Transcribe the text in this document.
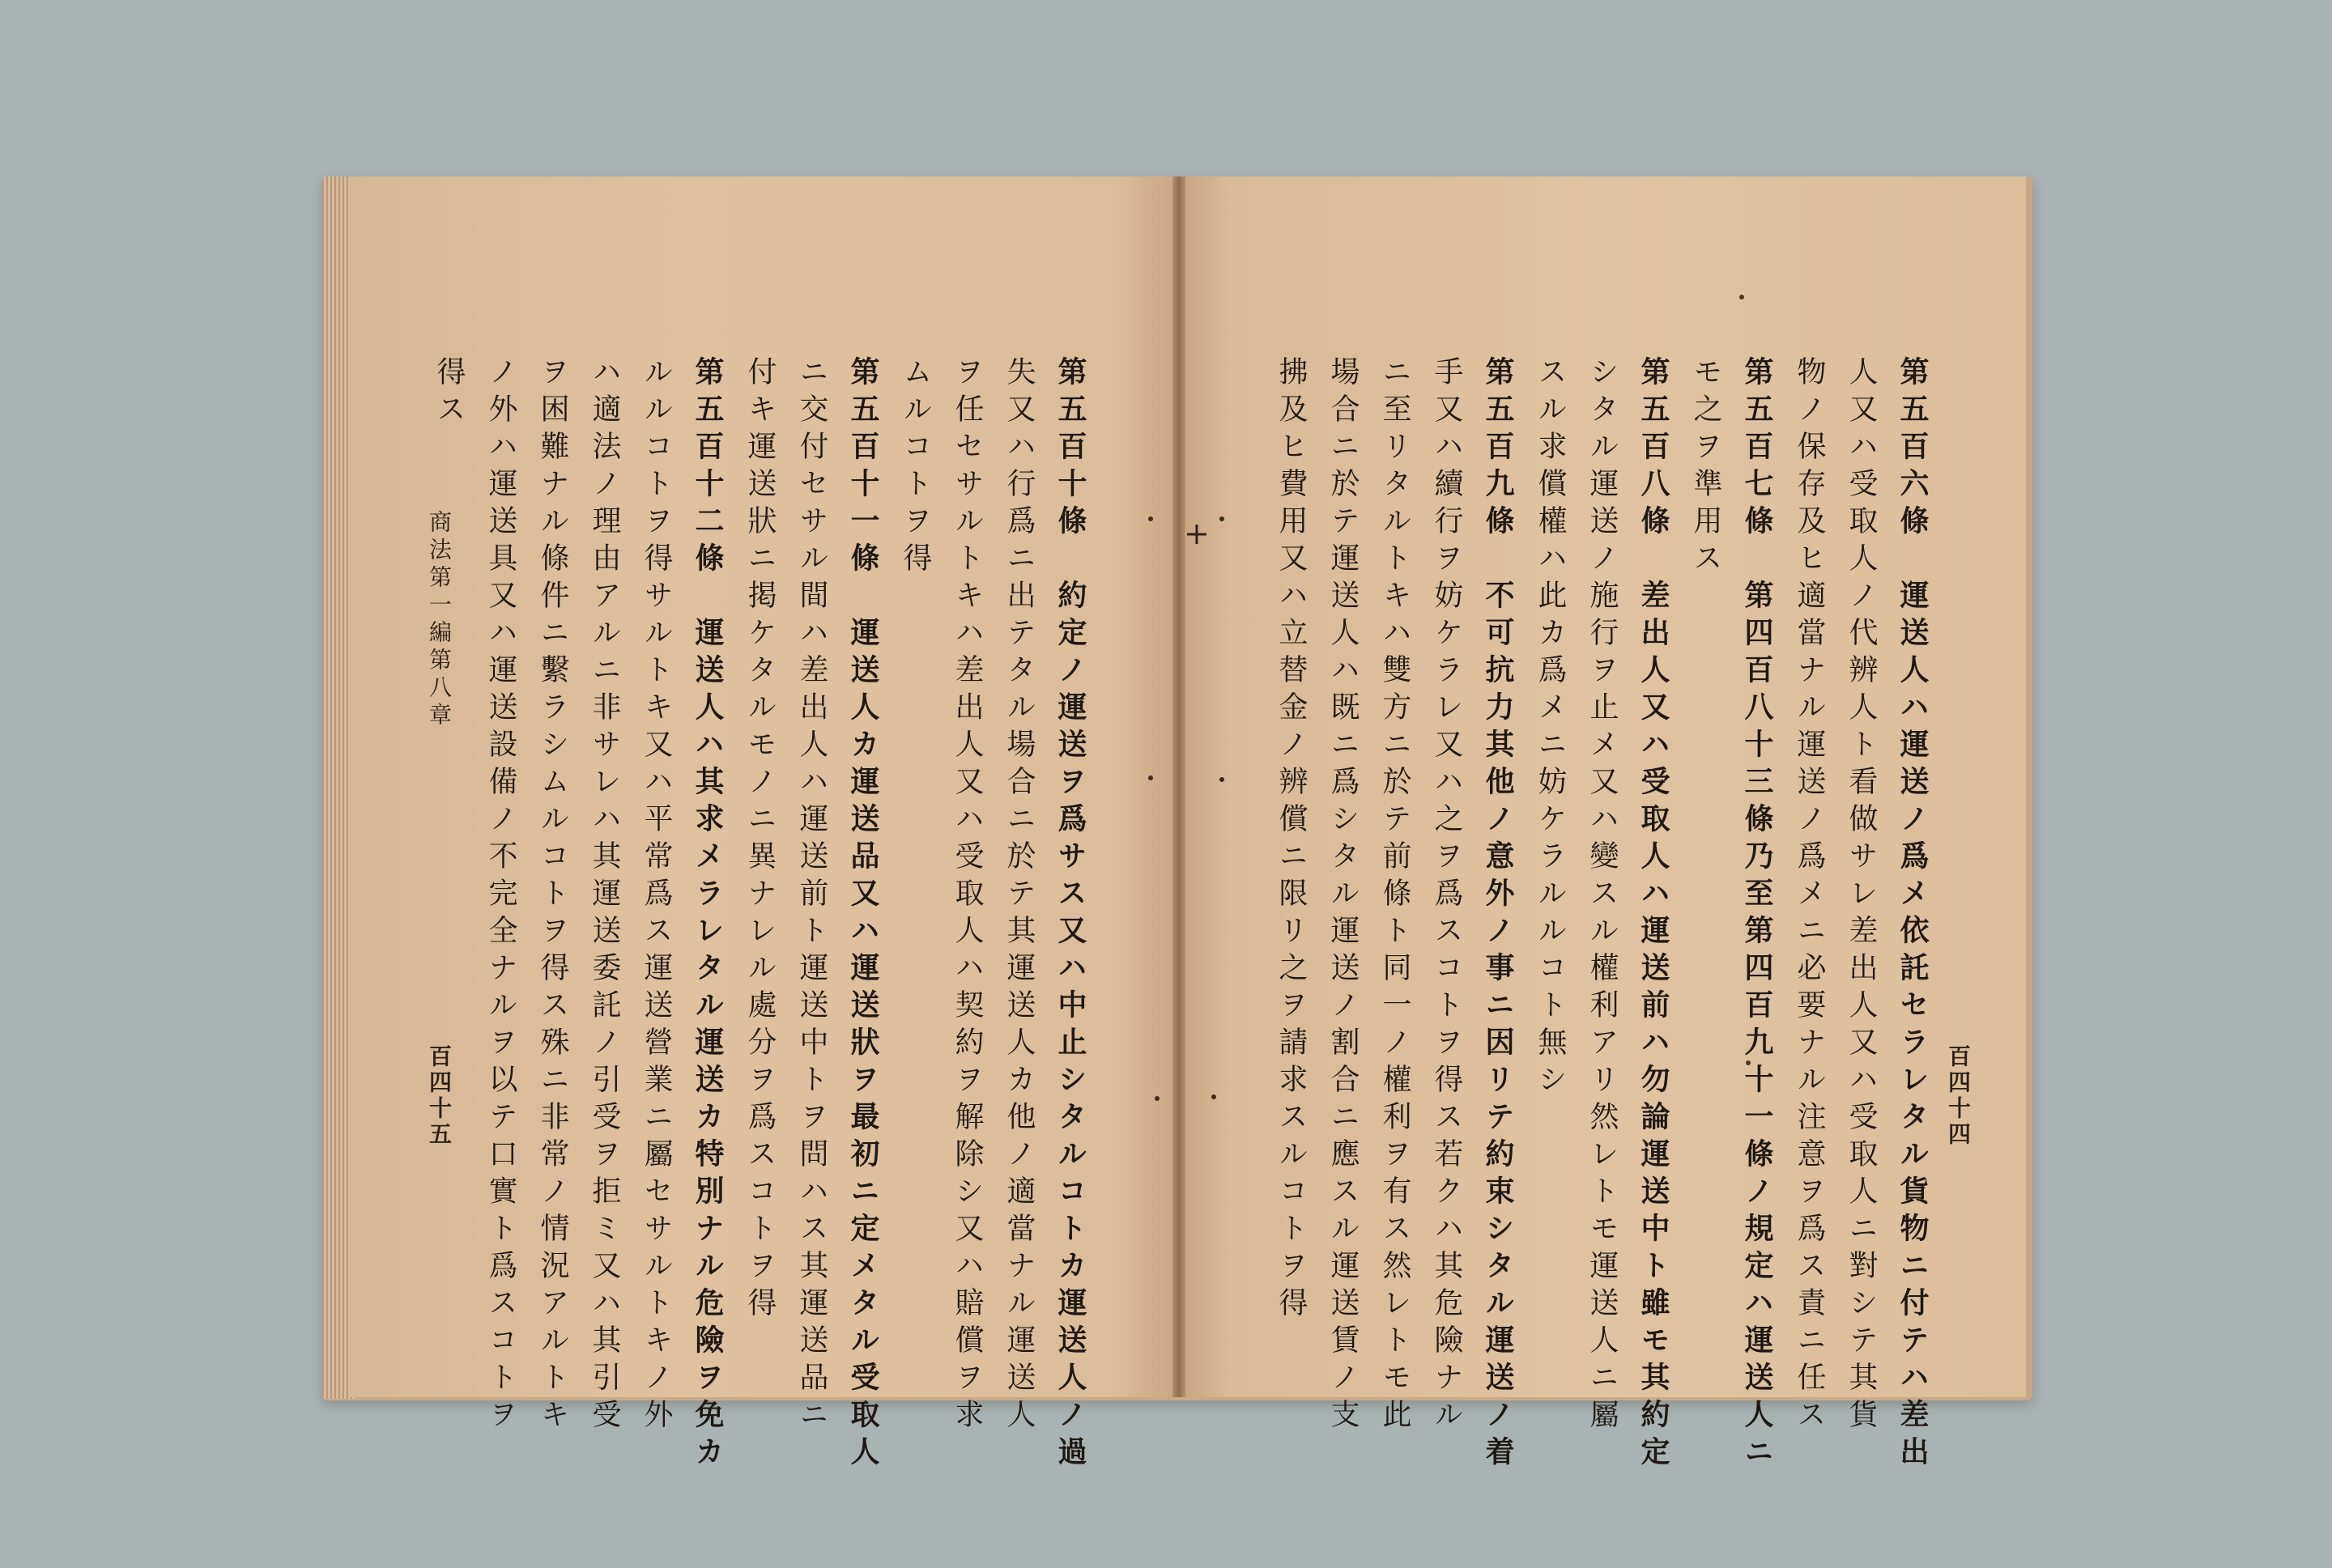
+
百四十四
第五百六條　運送人ハ運送ノ爲メ依託セラレタル貨物ニ付テハ差出
人又ハ受取人ノ代辨人ト看做サレ差出人又ハ受取人ニ對シテ其貨
物ノ保存及ヒ適當ナル運送ノ爲メニ必要ナル注意ヲ爲ス責ニ任ス
第五百七條　第四百八十三條乃至第四百九十一條ノ規定ハ運送人ニ
モ之ヲ準用ス
第五百八條　差出人又ハ受取人ハ運送前ハ勿論運送中ト雖モ其約定
シタル運送ノ施行ヲ止メ又ハ變スル權利アリ然レトモ運送人ニ屬
スル求償權ハ此カ爲メニ妨ケラルルコト無シ
第五百九條　不可抗力其他ノ意外ノ事ニ因リテ約束シタル運送ノ着
手又ハ續行ヲ妨ケラレ又ハ之ヲ爲スコトヲ得ス若クハ其危險ナル
ニ至リタルトキハ雙方ニ於テ前條ト同一ノ權利ヲ有ス然レトモ此
場合ニ於テ運送人ハ既ニ爲シタル運送ノ割合ニ應スル運送賃ノ支
拂及ヒ費用又ハ立替金ノ辨償ニ限リ之ヲ請求スルコトヲ得
第五百十條　約定ノ運送ヲ爲サス又ハ中止シタルコトカ運送人ノ過
失又ハ行爲ニ出テタル場合ニ於テ其運送人カ他ノ適當ナル運送人
ヲ任セサルトキハ差出人又ハ受取人ハ契約ヲ解除シ又ハ賠償ヲ求
ムルコトヲ得
第五百十一條　運送人カ運送品又ハ運送狀ヲ最初ニ定メタル受取人
ニ交付セサル間ハ差出人ハ運送前ト運送中トヲ問ハス其運送品ニ
付キ運送狀ニ掲ケタルモノニ異ナレル處分ヲ爲スコトヲ得
第五百十二條　運送人ハ其求メラレタル運送カ特別ナル危險ヲ免カ
ルルコトヲ得サルトキ又ハ平常爲ス運送營業ニ屬セサルトキノ外
ハ適法ノ理由アルニ非サレハ其運送委託ノ引受ヲ拒ミ又ハ其引受
ヲ困難ナル條件ニ繫ラシムルコトヲ得ス殊ニ非常ノ情況アルトキ
ノ外ハ運送具又ハ運送設備ノ不完全ナルヲ以テ口實ト爲スコトヲ
得ス
商法第一編第八章
百四十五
